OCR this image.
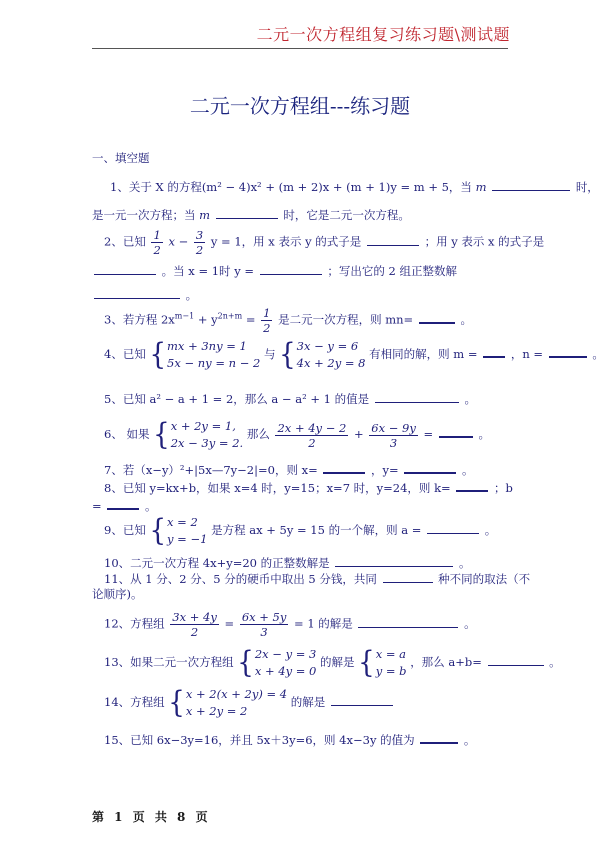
二元一次方程组复习练习题\测试题
二元一次方程组---练习题
一、填空题
1、关于 X 的方程(m² − 4)x² + (m + 2)x + (m + 1)y = m + 5，当 m	时，
是一元一次方程；当 m	时，它是二元一次方程。
2、已知 $\frac{1}{2}$ $x - \frac{3}{2}$ y = 1，用 x 表示 y 的式子是	；用 y 表示 x 的式子是
。当 x = 1时 y =	；写出它的 2 组正整数解
。
3、若方程 $2x^{m-1} + y^{2n+m} = \frac{1}{2}$ 是二元一次方程，则 mn=	。
4、已知 {mx + 3ny = 1
5x − ny = n − 2 与 {3x − y = 6
4x + 2y = 8 有相同的解，则 m =	，n =	。
5、已知 a² − a + 1 = 2，那么 a − a² + 1 的值是	。
6、 如果 {x + 2y = 1,
2x − 3y = 2. 那么 $\frac{2x + 4y - 2}{2} + \frac{6x - 9y}{3}$ =	。
7、若（x−y）²+|5x—7y−2|=0，则 x=	，y=	。
8、已知 y=kx+b，如果 x=4 时，y=15；x=7 时，y=24，则 k=	；b
=	。
9、已知 {x = 2
y = −1 是方程 ax + 5y = 15 的一个解，则 a =	。
10、二元一次方程 4x+y=20 的正整数解是	。
11、从 1 分、2 分、5 分的硬币中取出 5 分钱，共同	种不同的取法（不
论顺序)。
12、方程组 $\frac{3x + 4y}{2} = \frac{6x + 5y}{3} = 1$ 的解是	。
13、如果二元一次方程组 {2x − y = 3
x + 4y = 0 的解是 {x = a
y = b ，那么 a+b=	。
14、方程组 {x + 2(x + 2y) = 4
x + 2y = 2 的解是
15、已知 6x−3y=16，并且 5x＋3y=6，则 4x−3y 的值为	。
第 1 页 共 8 页
